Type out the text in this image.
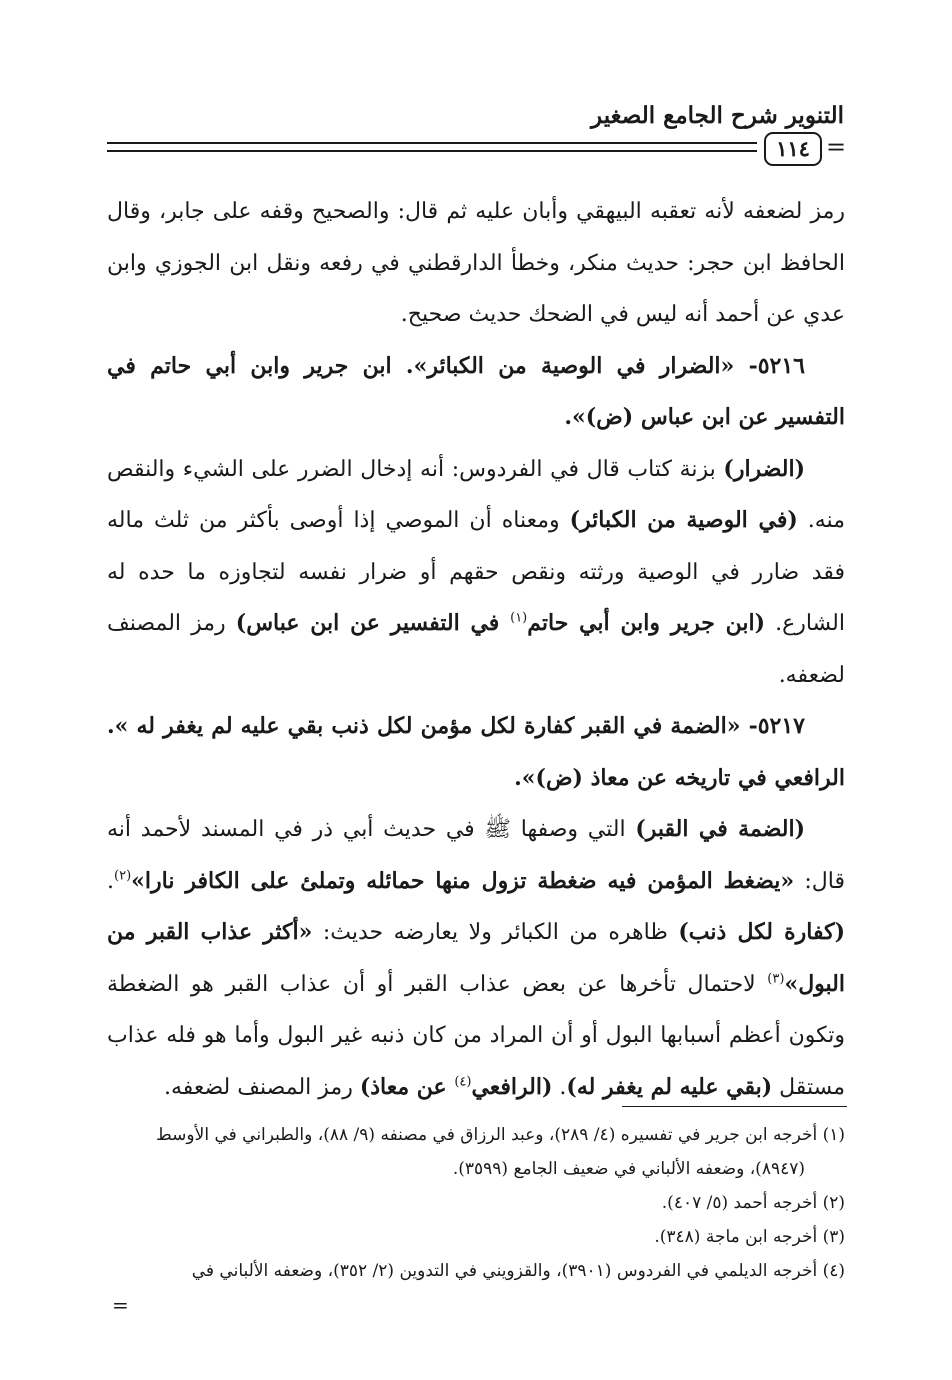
التنوير شرح الجامع الصغير
١١٤ =

رمز لضعفه لأنه تعقبه البيهقي وأبان عليه ثم قال: والصحيح وقفه على جابر، وقال الحافظ ابن حجر: حديث منكر، وخطأ الدارقطني في رفعه ونقل ابن الجوزي وابن عدي عن أحمد أنه ليس في الضحك حديث صحيح.

٥٢١٦- «الضرار في الوصية من الكبائر». ابن جرير وابن أبي حاتم في التفسير عن ابن عباس (ض)».

(الضرار) بزنة كتاب قال في الفردوس: أنه إدخال الضرر على الشيء والنقص منه. (في الوصية من الكبائر) ومعناه أن الموصي إذا أوصى بأكثر من ثلث ماله فقد ضارر في الوصية ورثته ونقص حقهم أو ضرار نفسه لتجاوزه ما حده له الشارع. (ابن جرير وابن أبي حاتم$^{(١)}$ في التفسير عن ابن عباس) رمز المصنف لضعفه.

٥٢١٧- «الضمة في القبر كفارة لكل مؤمن لكل ذنب بقي عليه لم يغفر له ». الرافعي في تاريخه عن معاذ (ض)».

(الضمة في القبر) التي وصفها ﷺ في حديث أبي ذر في المسند لأحمد أنه قال: «يضغط المؤمن فيه ضغطة تزول منها حمائله وتملئ على الكافر نارا»$^{(٢)}$. (كفارة لكل ذنب) ظاهره من الكبائر ولا يعارضه حديث: «أكثر عذاب القبر من البول»$^{(٣)}$ لاحتمال تأخرها عن بعض عذاب القبر أو أن عذاب القبر هو الضغطة وتكون أعظم أسبابها البول أو أن المراد من كان ذنبه غير البول وأما هو فله عذاب مستقل (بقي عليه لم يغفر له). (الرافعي$^{(٤)}$ عن معاذ) رمز المصنف لضعفه.

(١) أخرجه ابن جرير في تفسيره (٤/ ٢٨٩)، وعبد الرزاق في مصنفه (٩/ ٨٨)، والطبراني في الأوسط

(٨٩٤٧)، وضعفه الألباني في ضعيف الجامع (٣٥٩٩).

(٢) أخرجه أحمد (٥/ ٤٠٧).

(٣) أخرجه ابن ماجة (٣٤٨).

(٤) أخرجه الديلمي في الفردوس (٣٩٠١)، والقزويني في التدوين (٢/ ٣٥٢)، وضعفه الألباني في

=
